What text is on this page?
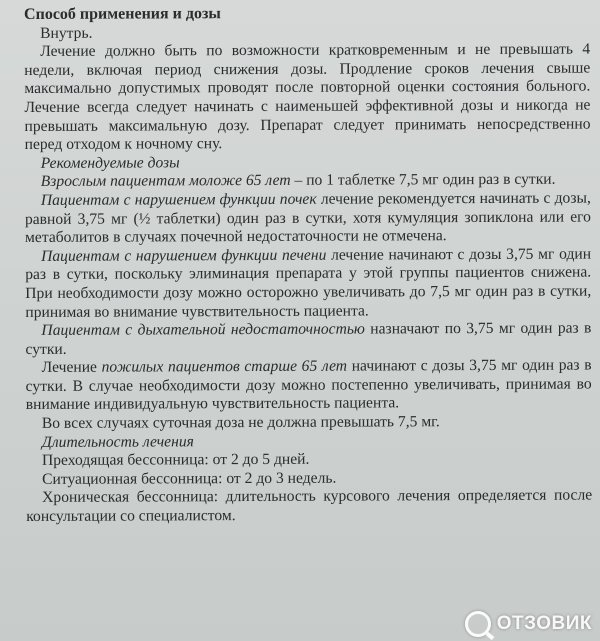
Способ применения и дозы

Внутрь.

Лечение должно быть по возможности кратковременным и не превышать 4 недели, включая период снижения дозы. Продление сроков лечения свыше максимально допустимых проводят после повторной оценки состояния больного. Лечение всегда следует начинать с наименьшей эффективной дозы и никогда не превышать максимальную дозу. Препарат следует принимать непосредственно перед отходом к ночному сну.

Рекомендуемые дозы

Взрослым пациентам моложе 65 лет – по 1 таблетке 7,5 мг один раз в сутки.

Пациентам с нарушением функции почек лечение рекомендуется начинать с дозы, равной 3,75 мг (½ таблетки) один раз в сутки, хотя кумуляция зопиклона или его метаболитов в случаях почечной недостаточности не отмечена.

Пациентам с нарушением функции печени лечение начинают с дозы 3,75 мг один раз в сутки, поскольку элиминация препарата у этой группы пациентов снижена. При необходимости дозу можно осторожно увеличивать до 7,5 мг один раз в сутки, принимая во внимание чувствительность пациента.

Пациентам с дыхательной недостаточностью назначают по 3,75 мг один раз в сутки.

Лечение пожилых пациентов старше 65 лет начинают с дозы 3,75 мг один раз в сутки. В случае необходимости дозу можно постепенно увеличивать, принимая во внимание индивидуальную чувствительность пациента.

Во всех случаях суточная доза не должна превышать 7,5 мг.

Длительность лечения

Преходящая бессонница: от 2 до 5 дней.

Ситуационная бессонница: от 2 до 3 недель.

Хроническая бессонница: длительность курсового лечения определяется после консультации со специалистом.

ОТЗОВИК
